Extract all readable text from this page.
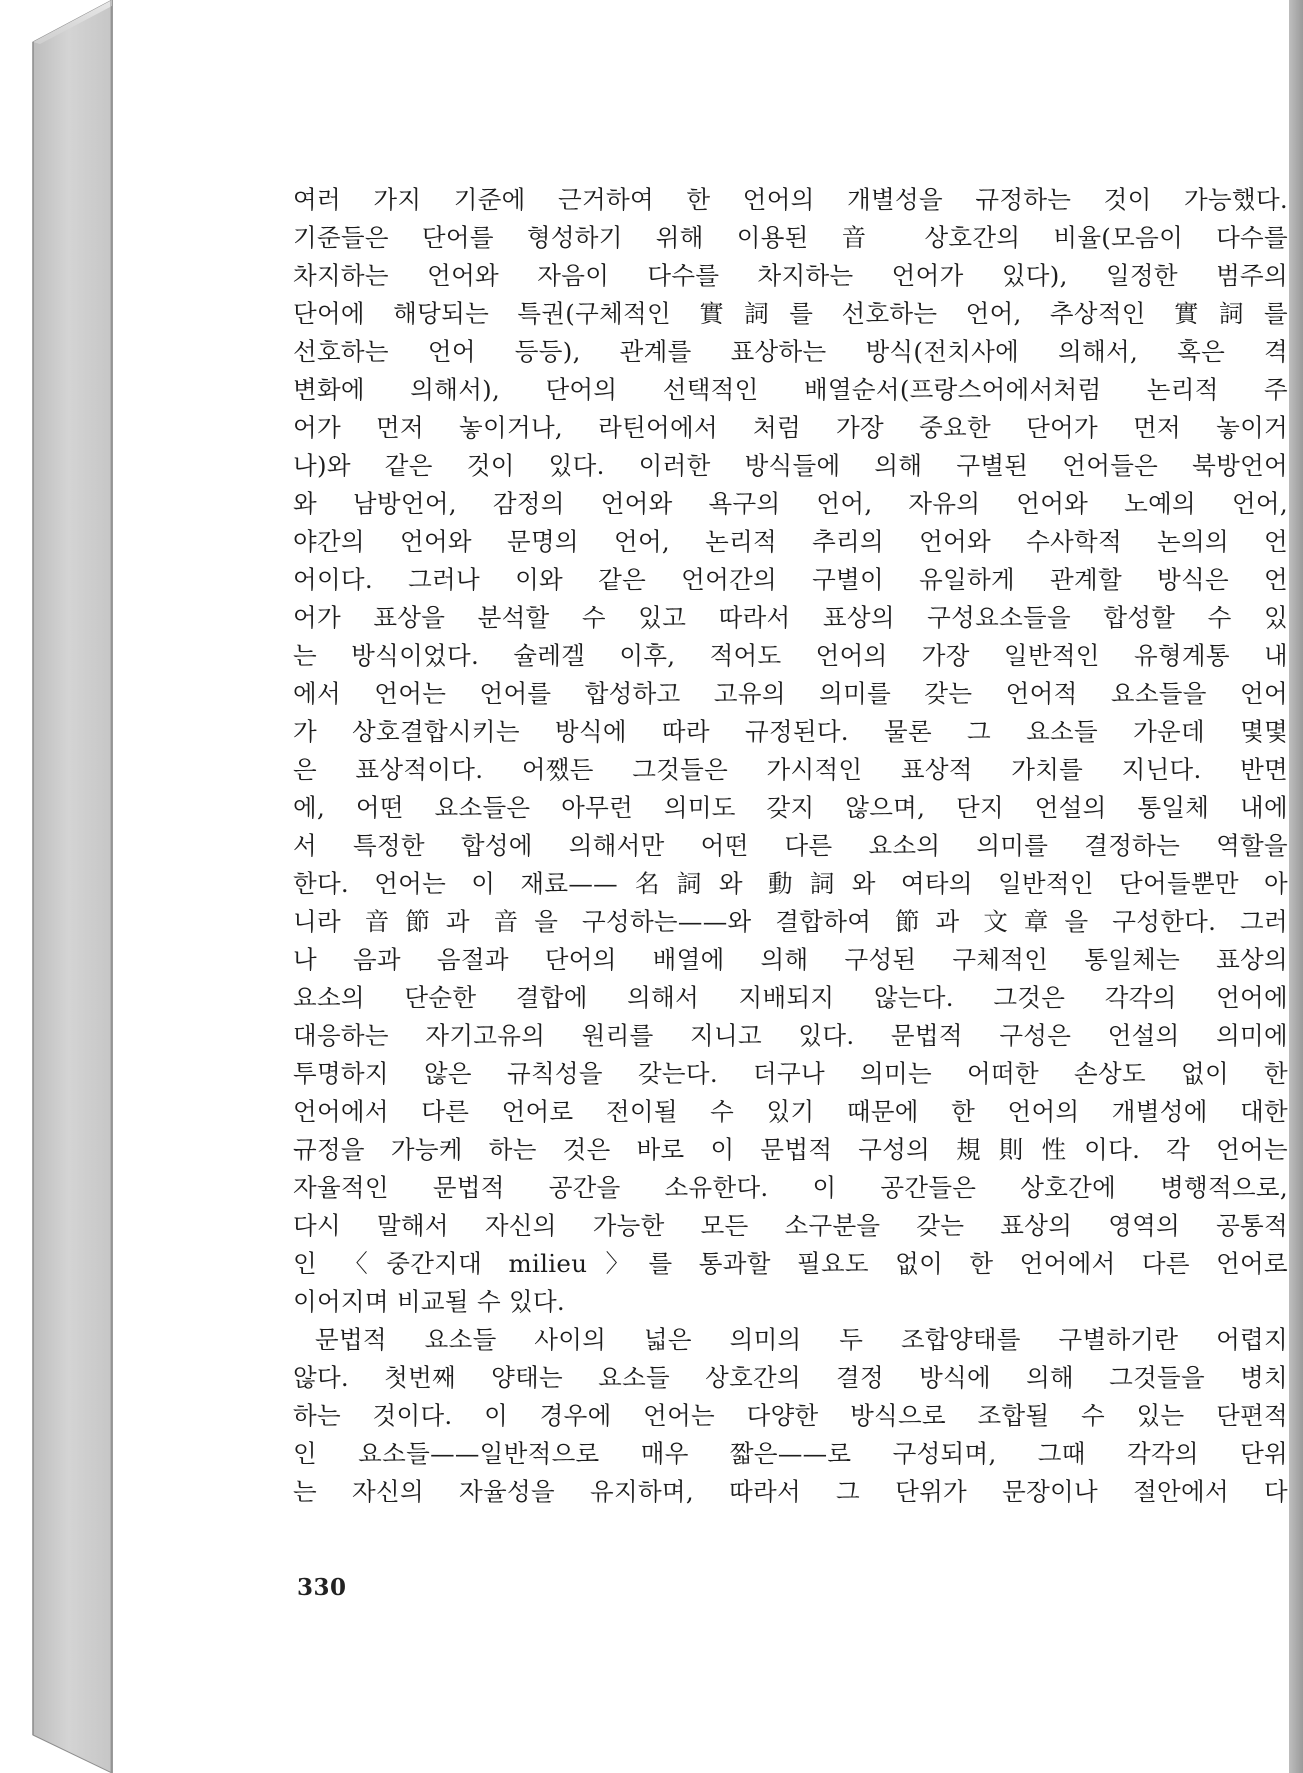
여러 가지 기준에 근거하여 한 언어의 개별성을 규정하는 것이 가능했다.
기준들은 단어를 형성하기 위해 이용된 音 상호간의 비율(모음이 다수를
차지하는 언어와 자음이 다수를 차지하는 언어가 있다), 일정한 범주의
단어에 해당되는 특권(구체적인 實詞를 선호하는 언어, 추상적인 實詞를
선호하는 언어 등등), 관계를 표상하는 방식(전치사에 의해서, 혹은 격
변화에 의해서), 단어의 선택적인 배열순서(프랑스어에서처럼 논리적 주
어가 먼저 놓이거나, 라틴어에서 처럼 가장 중요한 단어가 먼저 놓이거
나)와 같은 것이 있다. 이러한 방식들에 의해 구별된 언어들은 북방언어
와 남방언어, 감정의 언어와 욕구의 언어, 자유의 언어와 노예의 언어,
야간의 언어와 문명의 언어, 논리적 추리의 언어와 수사학적 논의의 언
어이다. 그러나 이와 같은 언어간의 구별이 유일하게 관계할 방식은 언
어가 표상을 분석할 수 있고 따라서 표상의 구성요소들을 합성할 수 있
는 방식이었다. 슐레겔 이후, 적어도 언어의 가장 일반적인 유형계통 내
에서 언어는 언어를 합성하고 고유의 의미를 갖는 언어적 요소들을 언어
가 상호결합시키는 방식에 따라 규정된다. 물론 그 요소들 가운데 몇몇
은 표상적이다. 어쨌든 그것들은 가시적인 표상적 가치를 지닌다. 반면
에, 어떤 요소들은 아무런 의미도 갖지 않으며, 단지 언설의 통일체 내에
서 특정한 합성에 의해서만 어떤 다른 요소의 의미를 결정하는 역할을
한다. 언어는 이 재료——名詞와 動詞와 여타의 일반적인 단어들뿐만 아
니라 音節과 音을 구성하는——와 결합하여 節과 文章을 구성한다. 그러
나 음과 음절과 단어의 배열에 의해 구성된 구체적인 통일체는 표상의
요소의 단순한 결합에 의해서 지배되지 않는다. 그것은 각각의 언어에
대응하는 자기고유의 원리를 지니고 있다. 문법적 구성은 언설의 의미에
투명하지 않은 규칙성을 갖는다. 더구나 의미는 어떠한 손상도 없이 한
언어에서 다른 언어로 전이될 수 있기 때문에 한 언어의 개별성에 대한
규정을 가능케 하는 것은 바로 이 문법적 구성의 規則性이다. 각 언어는
자율적인 문법적 공간을 소유한다. 이 공간들은 상호간에 병행적으로,
다시 말해서 자신의 가능한 모든 소구분을 갖는 표상의 영역의 공통적
인 〈중간지대 milieu〉를 통과할 필요도 없이 한 언어에서 다른 언어로
이어지며 비교될 수 있다.
문법적 요소들 사이의 넓은 의미의 두 조합양태를 구별하기란 어렵지
않다. 첫번째 양태는 요소들 상호간의 결정 방식에 의해 그것들을 병치
하는 것이다. 이 경우에 언어는 다양한 방식으로 조합될 수 있는 단편적
인 요소들——일반적으로 매우 짧은——로 구성되며, 그때 각각의 단위
는 자신의 자율성을 유지하며, 따라서 그 단위가 문장이나 절안에서 다
330
